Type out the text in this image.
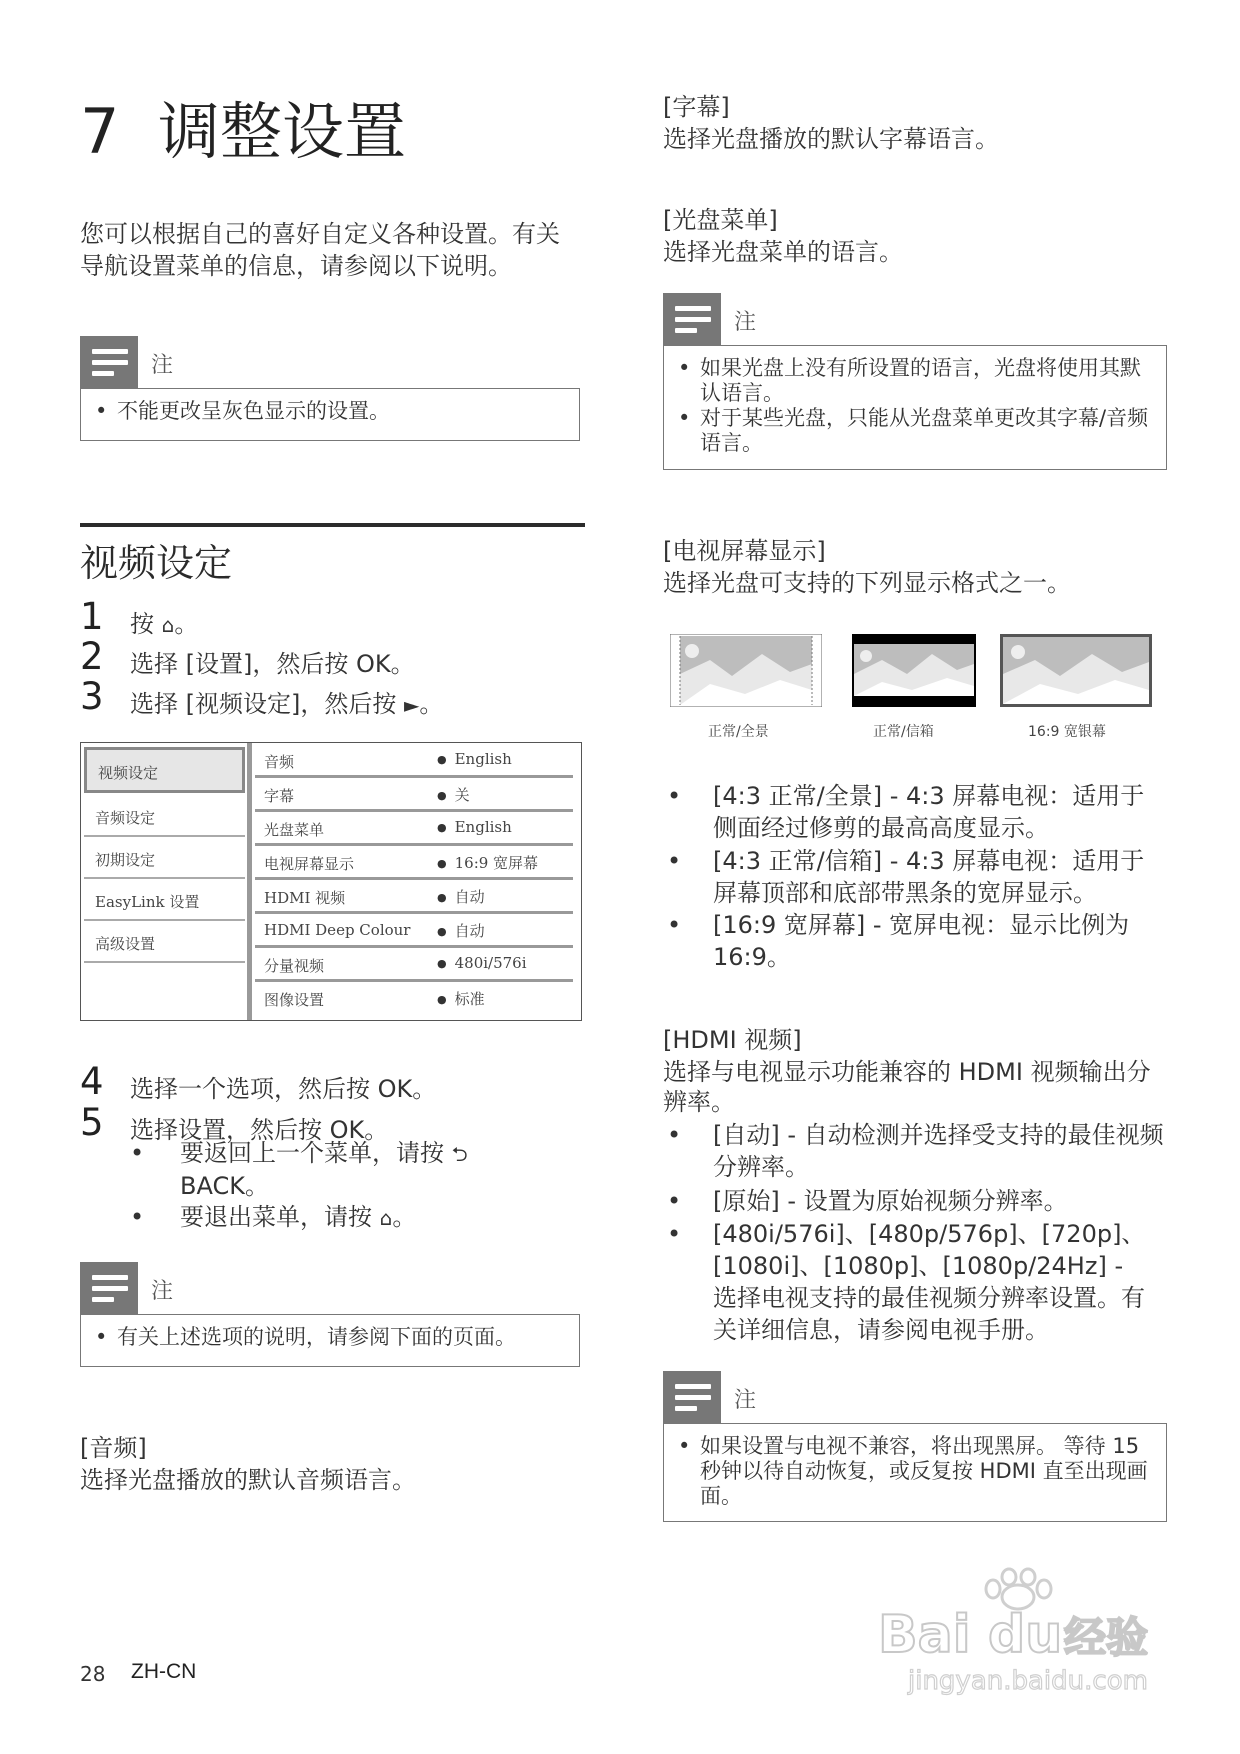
7 调整设置
您可以根据自己的喜好自定义各种设置。有关导航设置菜单的信息，请参阅以下说明。
注
• 不能更改呈灰色显示的设置。
视频设定
1 按 ⌂。
2 选择 [设置]，然后按 OK。
3 选择 [视频设定]，然后按 ►。
视频设定
音频设定
初期设定
EasyLink 设置
高级设置
音频	● English
字幕	● 关
光盘菜单	● English
电视屏幕显示	● 16:9 宽屏幕
HDMI 视频	● 自动
HDMI Deep Colour	● 自动
分量视频	● 480i/576i
图像设置	● 标准
4 选择一个选项，然后按 OK。
5 选择设置，然后按 OK。
• 要返回上一个菜单，请按 ⮌
BACK。
• 要退出菜单，请按 ⌂。
注
• 有关上述选项的说明，请参阅下面的页面。
[音频]
选择光盘播放的默认音频语言。
[字幕]
选择光盘播放的默认字幕语言。
[光盘菜单]
选择光盘菜单的语言。
注
• 如果光盘上没有所设置的语言，光盘将使用其默认语言。
• 对于某些光盘，只能从光盘菜单更改其字幕/音频语言。
[电视屏幕显示]
选择光盘可支持的下列显示格式之一。
正常/全景	正常/信箱	16:9 宽银幕
• [4:3 正常/全景] - 4:3 屏幕电视：适用于侧面经过修剪的最高高度显示。
• [4:3 正常/信箱] - 4:3 屏幕电视：适用于屏幕顶部和底部带黑条的宽屏显示。
• [16:9 宽屏幕] - 宽屏电视：显示比例为 16:9。
[HDMI 视频]
选择与电视显示功能兼容的 HDMI 视频输出分辨率。
• [自动] - 自动检测并选择受支持的最佳视频分辨率。
• [原始] - 设置为原始视频分辨率。
• [480i/576i]、[480p/576p]、[720p]、[1080i]、[1080p]、[1080p/24Hz] - 选择电视支持的最佳视频分辨率设置。有关详细信息，请参阅电视手册。
注
• 如果设置与电视不兼容，将出现黑屏。 等待 15 秒钟以待自动恢复，或反复按 HDMI 直至出现画面。
28 ZH-CN
Bai du 经验
jingyan.baidu.com
